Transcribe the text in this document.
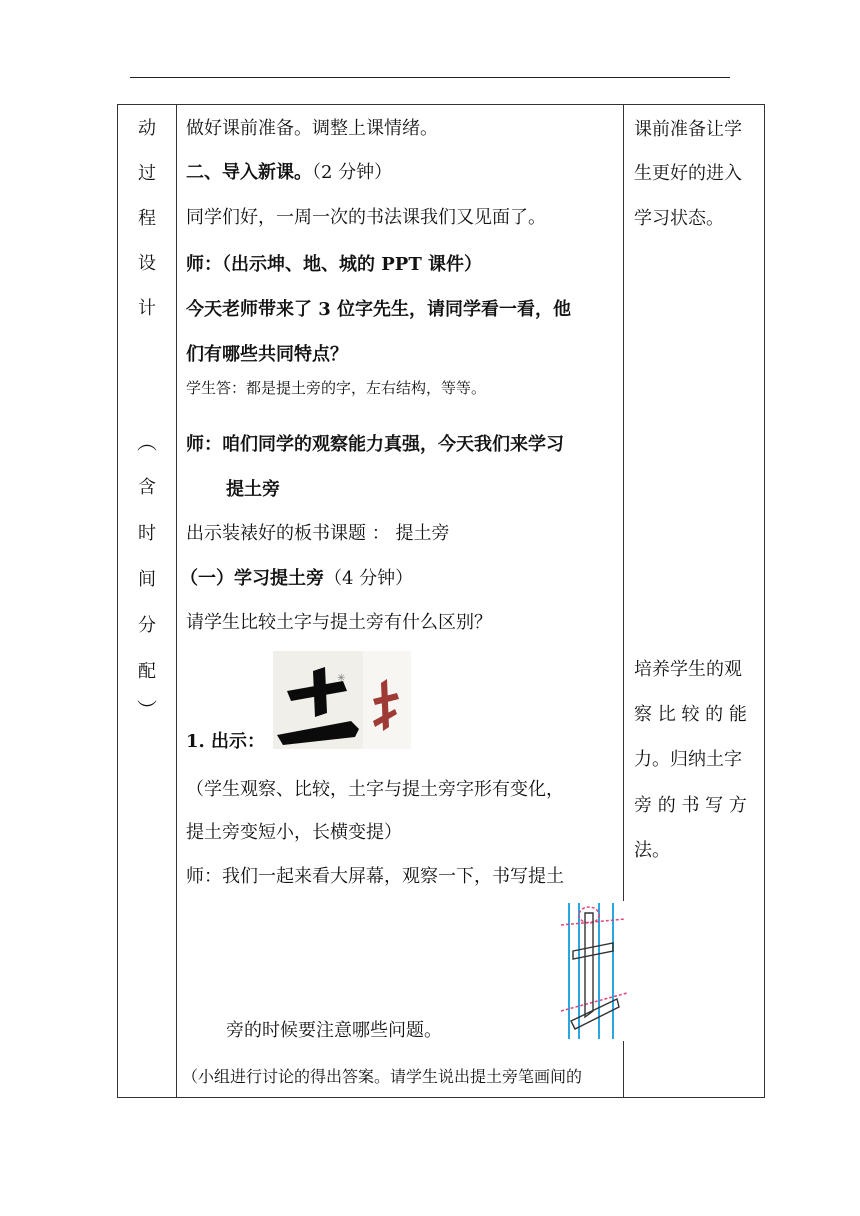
动
过
程
设
计
︵
含
时
间
分
配
︶
做好课前准备。调整上课情绪。
二、导入新课。（2 分钟）
同学们好，一周一次的书法课我们又见面了。
师：（出示坤、地、城的 PPT 课件）
今天老师带来了 3 位字先生，请同学看一看，他
们有哪些共同特点？
学生答：都是提土旁的字，左右结构，等等。
师：咱们同学的观察能力真强，今天我们来学习
提土旁
出示装裱好的板书课题 ： 提土旁
（一）学习提土旁（4 分钟）
请学生比较土字与提土旁有什么区别？
1. 出示：
✳
（学生观察、比较，土字与提土旁字形有变化，
提土旁变短小，长横变提）
师：我们一起来看大屏幕，观察一下，书写提土
旁的时候要注意哪些问题。
（小组进行讨论的得出答案。请学生说出提土旁笔画间的
课前准备让学
生更好的进入
学习状态。
培养学生的观
察 比 较 的 能
力。归纳土字
旁 的 书 写 方
法。
